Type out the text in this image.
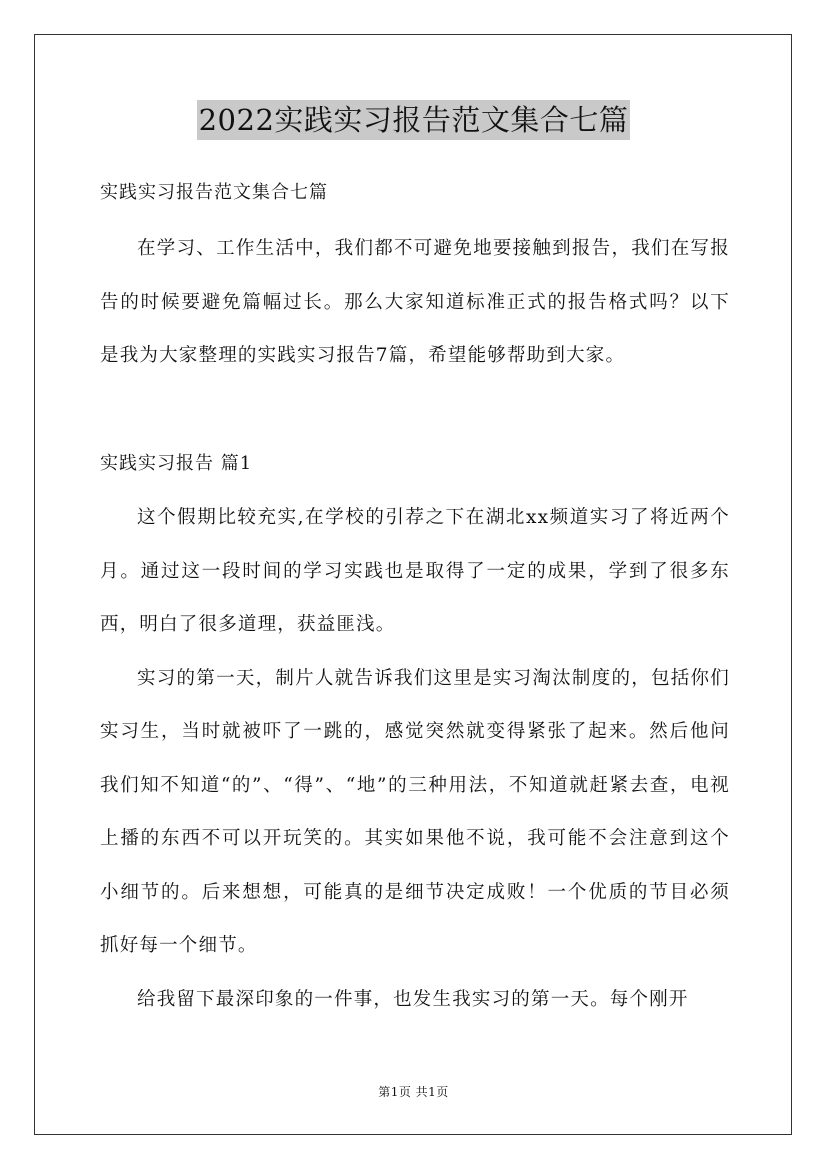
2022实践实习报告范文集合七篇
实践实习报告范文集合七篇

在学习、工作生活中，我们都不可避免地要接触到报告，我们在写报告的时候要避免篇幅过长。那么大家知道标准正式的报告格式吗？以下是我为大家整理的实践实习报告7篇，希望能够帮助到大家。

实践实习报告 篇1

这个假期比较充实,在学校的引荐之下在湖北xx频道实习了将近两个月。通过这一段时间的学习实践也是取得了一定的成果，学到了很多东西，明白了很多道理，获益匪浅。

实习的第一天，制片人就告诉我们这里是实习淘汰制度的，包括你们实习生，当时就被吓了一跳的，感觉突然就变得紧张了起来。然后他问我们知不知道“的”、“得”、“地”的三种用法，不知道就赶紧去查，电视上播的东西不可以开玩笑的。其实如果他不说，我可能不会注意到这个小细节的。后来想想，可能真的是细节决定成败！一个优质的节目必须抓好每一个细节。

给我留下最深印象的一件事，也发生我实习的第一天。每个刚开

第1页 共1页
